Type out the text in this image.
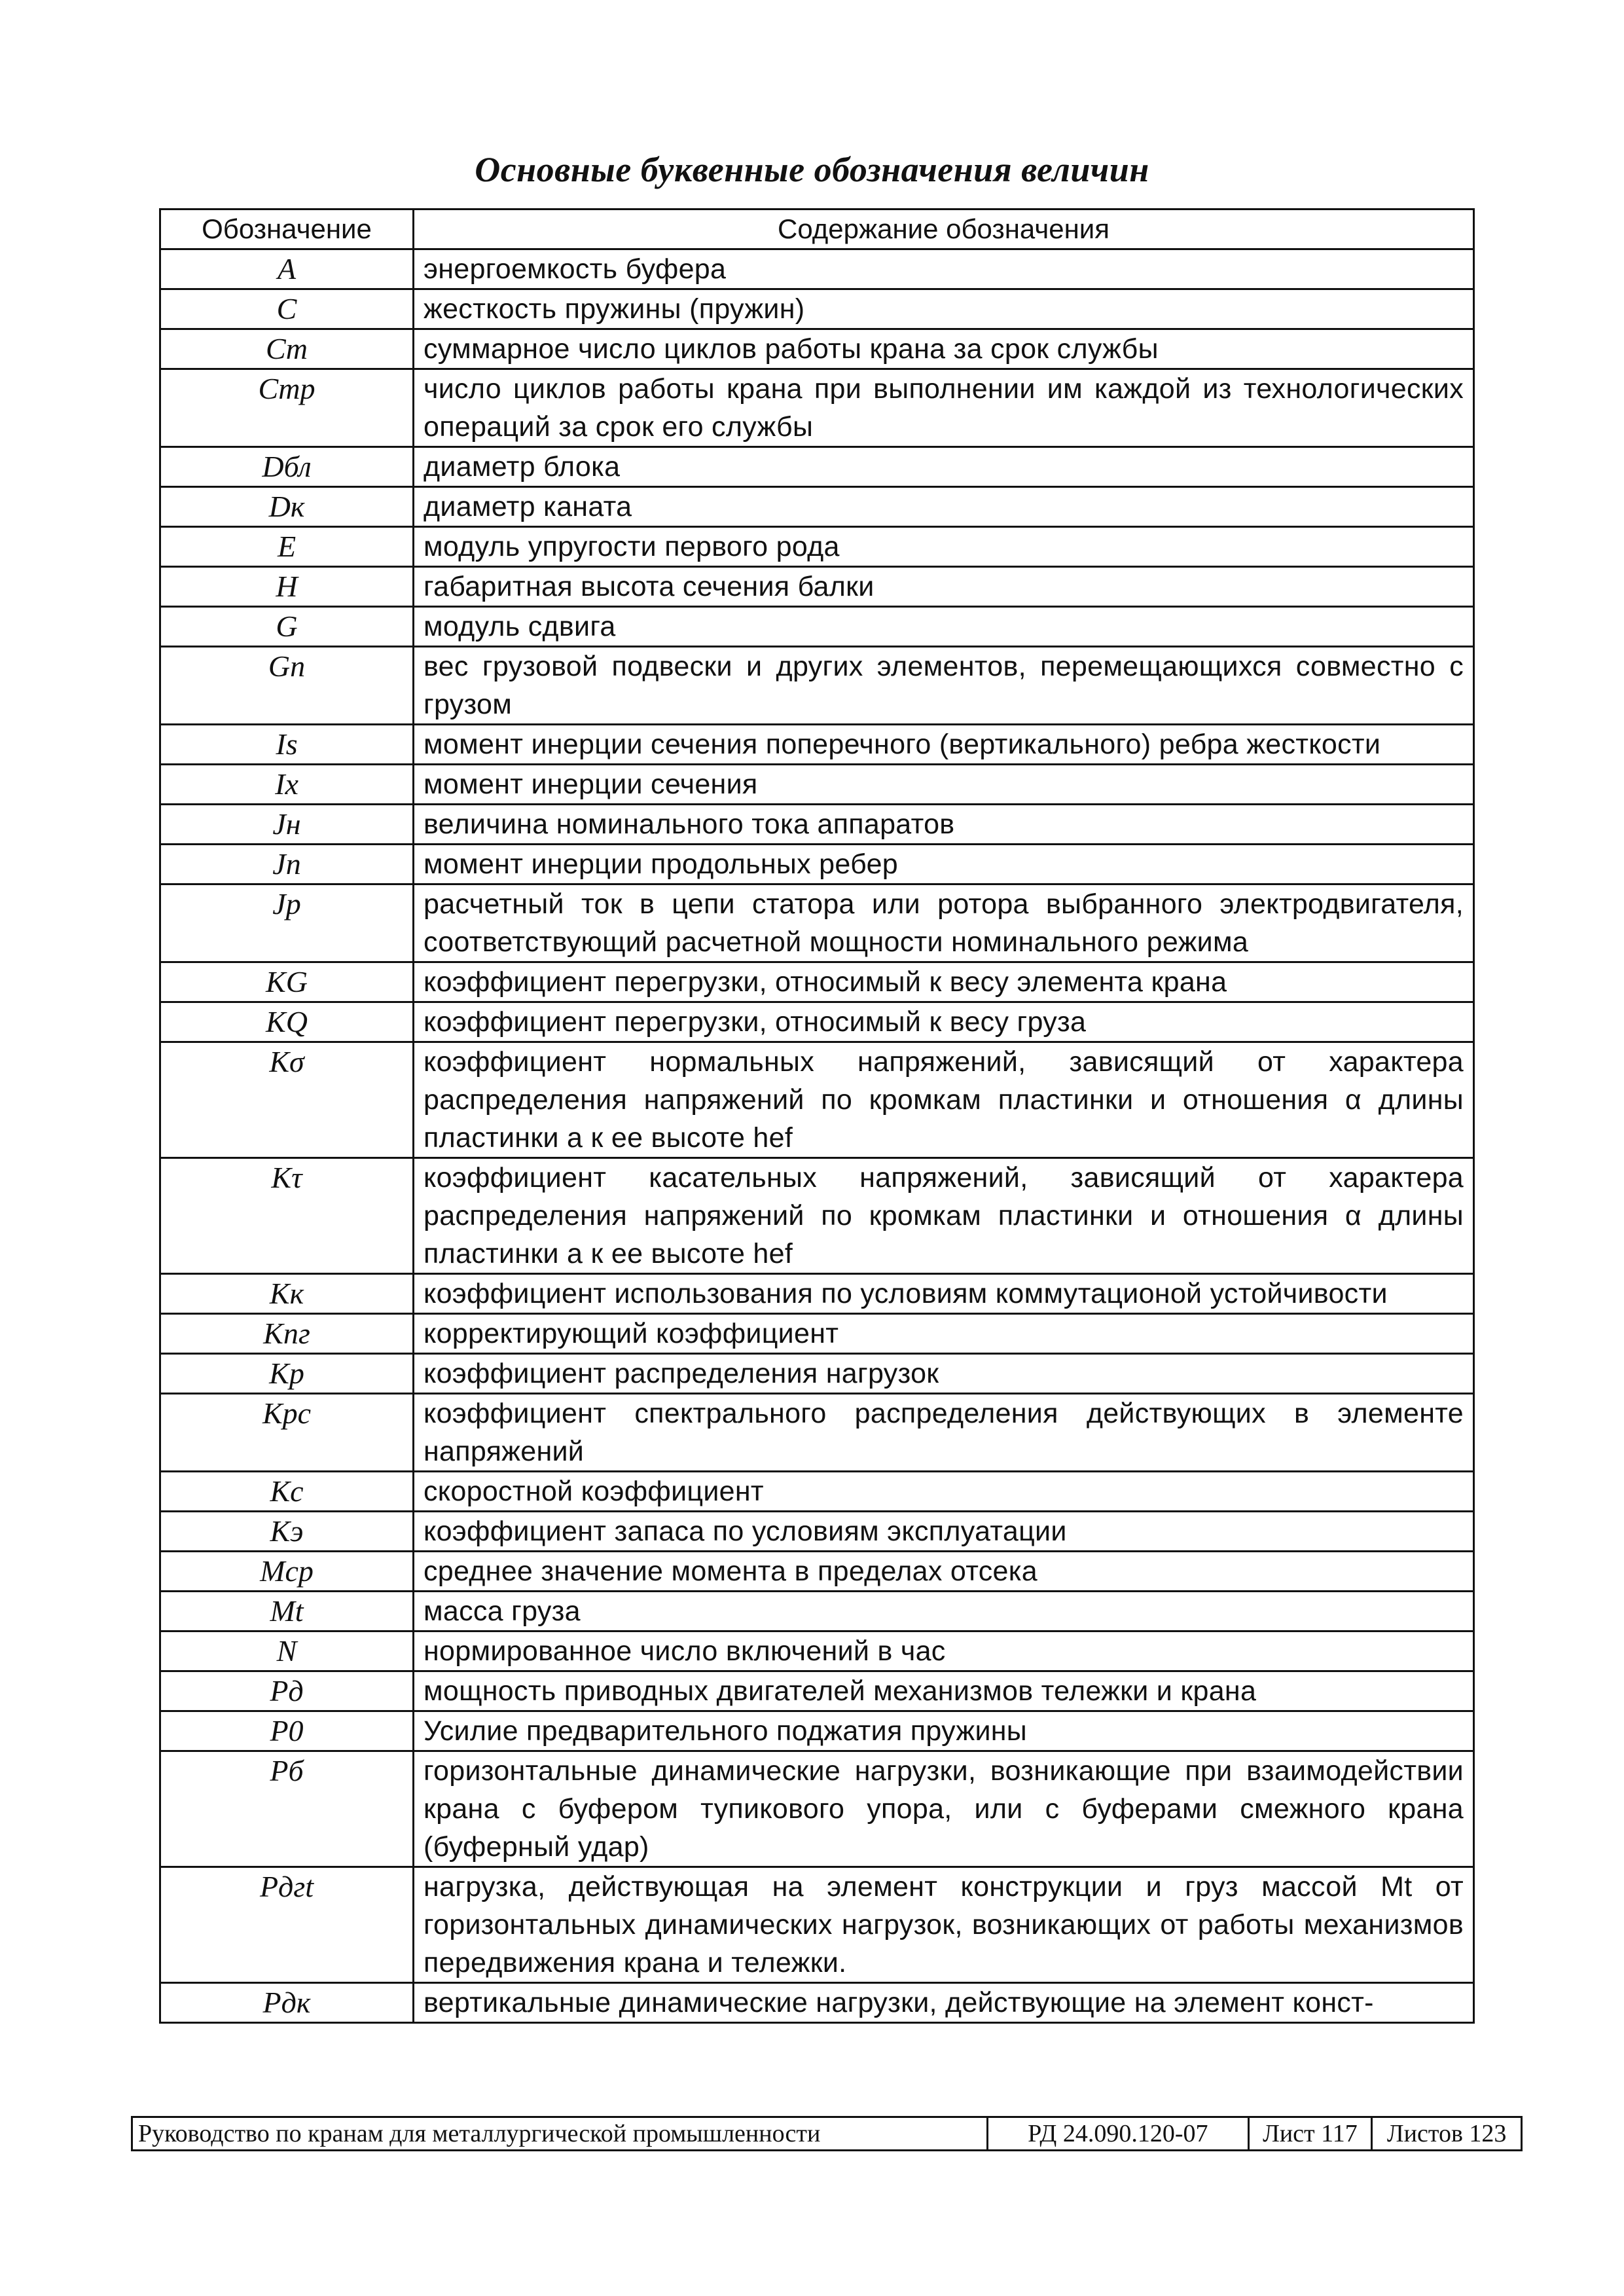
Основные буквенные обозначения величин
Обозначение	Содержание обозначения
A	энергоемкость буфера
C	жесткость пружины (пружин)
Cт	суммарное число циклов работы крана за срок службы
Cтр	число циклов работы крана при выполнении им каждой из технологических операций за срок его службы
Dбл	диаметр блока
Dк	диаметр каната
E	модуль упругости первого рода
H	габаритная высота сечения балки
G	модуль сдвига
Gп	вес грузовой подвески и других элементов, перемещающихся совместно с грузом
Is	момент инерции сечения поперечного (вертикального) ребра жесткости
Ix	момент инерции сечения
Jн	величина номинального тока аппаратов
Jп	момент инерции продольных ребер
Jр	расчетный ток в цепи статора или ротора выбранного электродвигателя, соответствующий расчетной мощности номинального режима
KG	коэффициент перегрузки, относимый к весу элемента крана
KQ	коэффициент перегрузки, относимый к весу груза
Kσ	коэффициент нормальных напряжений, зависящий от характера распределения напряжений по кромкам пластинки и отношения α длины пластинки a к ее высоте hef
Kτ	коэффициент касательных напряжений, зависящий от характера распределения напряжений по кромкам пластинки и отношения α длины пластинки a к ее высоте hef
Kк	коэффициент использования по условиям коммутационой устойчивости
Kпг	корректирующий коэффициент
Kр	коэффициент распределения нагрузок
Kрс	коэффициент спектрального распределения действующих в элементе напряжений
Kс	скоростной коэффициент
Kэ	коэффициент запаса по условиям эксплуатации
Mср	среднее значение момента в пределах отсека
Mt	масса груза
N	нормированное число включений в час
Pд	мощность приводных двигателей механизмов тележки и крана
P0	Усилие предварительного поджатия пружины
Pб	горизонтальные динамические нагрузки, возникающие при взаимодействии крана с буфером тупикового упора, или с буферами смежного крана (буферный удар)
Pдгt	нагрузка, действующая на элемент конструкции и груз массой Mt от горизонтальных динамических нагрузок, возникающих от работы механизмов передвижения крана и тележки.
Pдк	вертикальные динамические нагрузки, действующие на элемент конст-
Руководство по кранам для металлургической промышленности	РД 24.090.120-07	Лист 117	Листов 123
